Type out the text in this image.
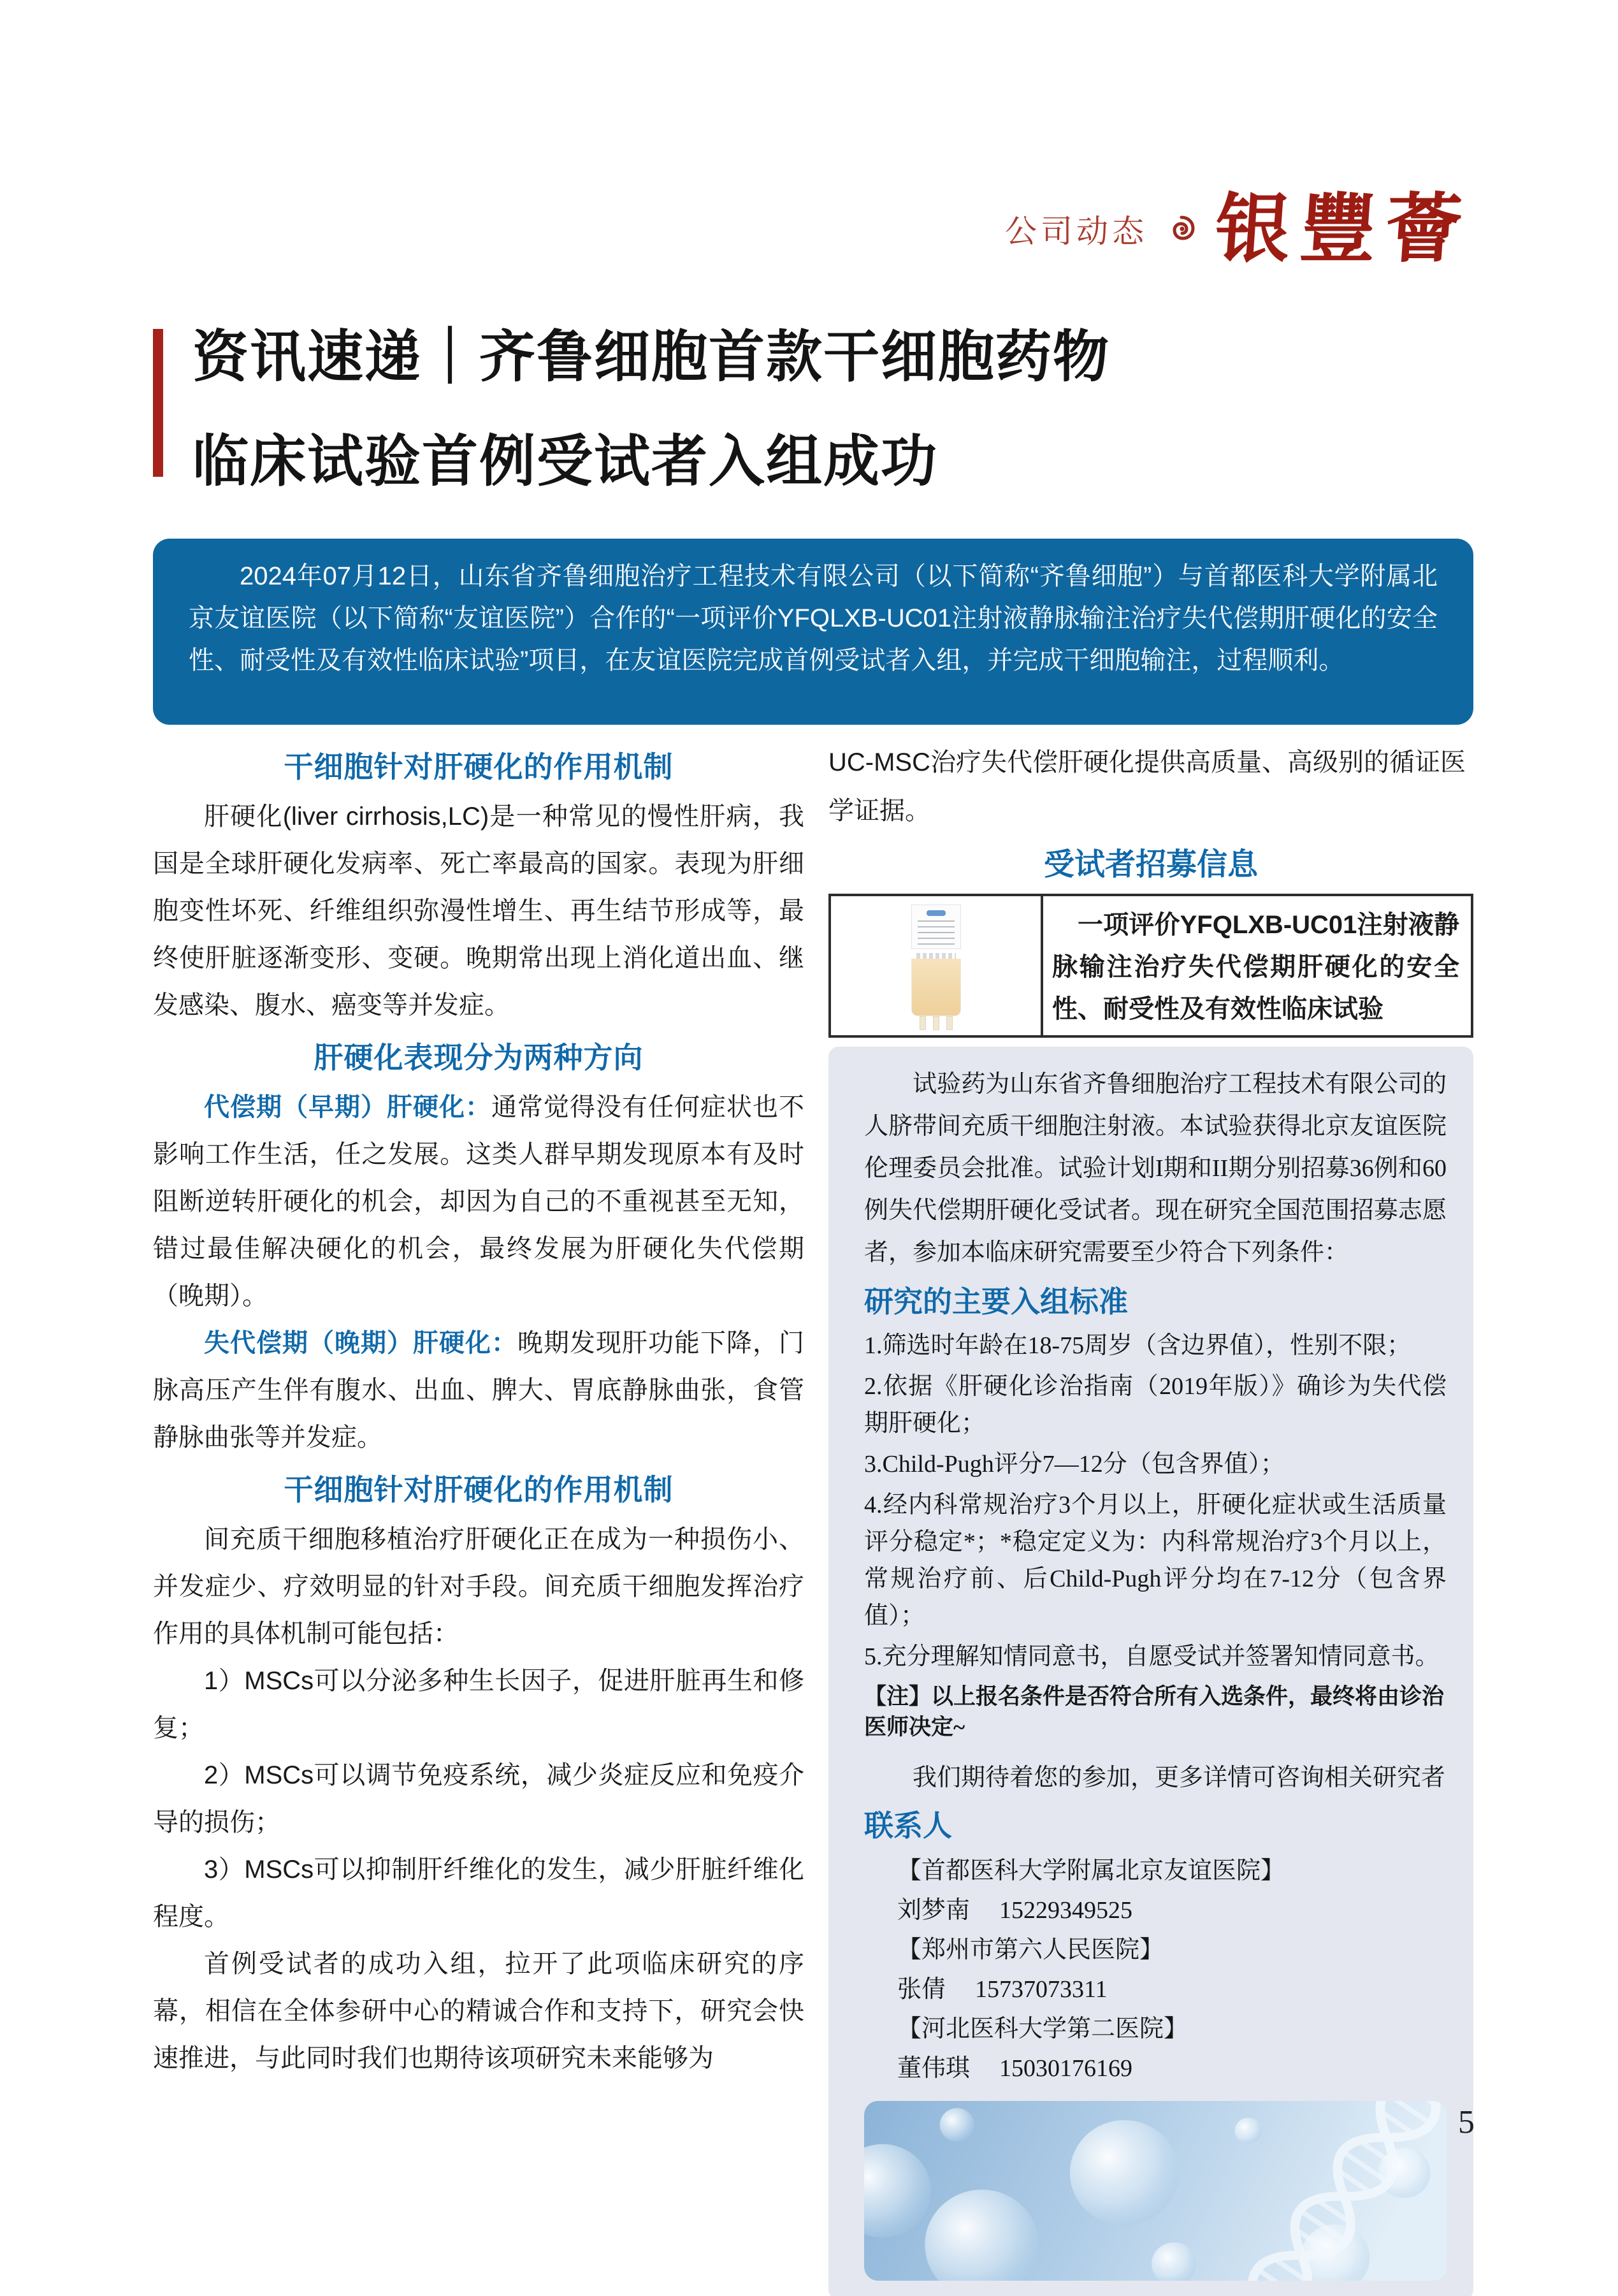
公司动态 银豐薈
资讯速递｜齐鲁细胞首款干细胞药物
临床试验首例受试者入组成功

2024年07月12日，山东省齐鲁细胞治疗工程技术有限公司（以下简称“齐鲁细胞”）与首都医科大学附属北京友谊医院（以下简称“友谊医院”）合作的“一项评价YFQLXB-UC01注射液静脉输注治疗失代偿期肝硬化的安全性、耐受性及有效性临床试验”项目，在友谊医院完成首例受试者入组，并完成干细胞输注，过程顺利。

干细胞针对肝硬化的作用机制

肝硬化(liver cirrhosis,LC)是一种常见的慢性肝病，我国是全球肝硬化发病率、死亡率最高的国家。表现为肝细胞变性坏死、纤维组织弥漫性增生、再生结节形成等，最终使肝脏逐渐变形、变硬。晚期常出现上消化道出血、继发感染、腹水、癌变等并发症。

肝硬化表现分为两种方向

代偿期（早期）肝硬化：通常觉得没有任何症状也不影响工作生活，任之发展。这类人群早期发现原本有及时阻断逆转肝硬化的机会，却因为自己的不重视甚至无知，错过最佳解决硬化的机会，最终发展为肝硬化失代偿期（晚期）。

失代偿期（晚期）肝硬化：晚期发现肝功能下降，门脉高压产生伴有腹水、出血、脾大、胃底静脉曲张，食管静脉曲张等并发症。

干细胞针对肝硬化的作用机制

间充质干细胞移植治疗肝硬化正在成为一种损伤小、并发症少、疗效明显的针对手段。间充质干细胞发挥治疗作用的具体机制可能包括：

1）MSCs可以分泌多种生长因子，促进肝脏再生和修复；

2）MSCs可以调节免疫系统，减少炎症反应和免疫介导的损伤；

3）MSCs可以抑制肝纤维化的发生，减少肝脏纤维化程度。

首例受试者的成功入组，拉开了此项临床研究的序幕，相信在全体参研中心的精诚合作和支持下，研究会快速推进，与此同时我们也期待该项研究未来能够为

UC-MSC治疗失代偿肝硬化提供高质量、高级别的循证医学证据。

受试者招募信息
一项评价YFQLXB-UC01注射液静脉输注治疗失代偿期肝硬化的安全性、耐受性及有效性临床试验

试验药为山东省齐鲁细胞治疗工程技术有限公司的人脐带间充质干细胞注射液。本试验获得北京友谊医院伦理委员会批准。试验计划I期和II期分别招募36例和60例失代偿期肝硬化受试者。现在研究全国范围招募志愿者，参加本临床研究需要至少符合下列条件：

研究的主要入组标准

1.筛选时年龄在18-75周岁（含边界值），性别不限；

2.依据《肝硬化诊治指南（2019年版）》确诊为失代偿期肝硬化；

3.Child-Pugh评分7—12分（包含界值）；

4.经内科常规治疗3个月以上，肝硬化症状或生活质量评分稳定*；*稳定定义为：内科常规治疗3个月以上，常规治疗前、后Child-Pugh评分均在7-12分（包含界值）；

5.充分理解知情同意书，自愿受试并签署知情同意书。

【注】以上报名条件是否符合所有入选条件，最终将由诊治医师决定~

我们期待着您的参加，更多详情可咨询相关研究者

联系人
【首都医科大学附属北京友谊医院】
刘梦南 15229349525
【郑州市第六人民医院】
张倩 15737073311
【河北医科大学第二医院】
董伟琪 15030176169
5
